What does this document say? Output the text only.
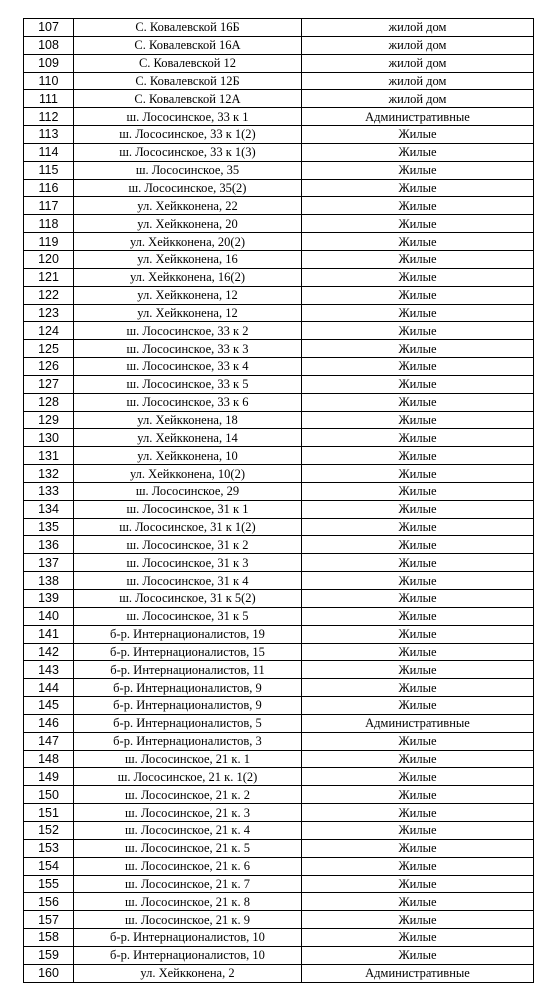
107	С. Ковалевской 16Б	жилой дом
108	С. Ковалевской 16А	жилой дом
109	С. Ковалевской 12	жилой дом
110	С. Ковалевской 12Б	жилой дом
111	С. Ковалевской 12А	жилой дом
112	ш. Лососинское, 33 к 1	Административные
113	ш. Лососинское, 33 к 1(2)	Жилые
114	ш. Лососинское, 33 к 1(3)	Жилые
115	ш. Лососинское, 35	Жилые
116	ш. Лососинское, 35(2)	Жилые
117	ул. Хейкконена, 22	Жилые
118	ул. Хейкконена, 20	Жилые
119	ул. Хейкконена, 20(2)	Жилые
120	ул. Хейкконена, 16	Жилые
121	ул. Хейкконена, 16(2)	Жилые
122	ул. Хейкконена, 12	Жилые
123	ул. Хейкконена, 12	Жилые
124	ш. Лососинское, 33 к 2	Жилые
125	ш. Лососинское, 33 к 3	Жилые
126	ш. Лососинское, 33 к 4	Жилые
127	ш. Лососинское, 33 к 5	Жилые
128	ш. Лососинское, 33 к 6	Жилые
129	ул. Хейкконена, 18	Жилые
130	ул. Хейкконена, 14	Жилые
131	ул. Хейкконена, 10	Жилые
132	ул. Хейкконена, 10(2)	Жилые
133	ш. Лососинское, 29	Жилые
134	ш. Лососинское, 31 к 1	Жилые
135	ш. Лососинское, 31 к 1(2)	Жилые
136	ш. Лососинское, 31 к 2	Жилые
137	ш. Лососинское, 31 к 3	Жилые
138	ш. Лососинское, 31 к 4	Жилые
139	ш. Лососинское, 31 к 5(2)	Жилые
140	ш. Лососинское, 31 к 5	Жилые
141	б-р. Интернационалистов, 19	Жилые
142	б-р. Интернационалистов, 15	Жилые
143	б-р. Интернационалистов, 11	Жилые
144	б-р. Интернационалистов, 9	Жилые
145	б-р. Интернационалистов, 9	Жилые
146	б-р. Интернационалистов, 5	Административные
147	б-р. Интернационалистов, 3	Жилые
148	ш. Лососинское, 21 к. 1	Жилые
149	ш. Лососинское, 21 к. 1(2)	Жилые
150	ш. Лососинское, 21 к. 2	Жилые
151	ш. Лососинское, 21 к. 3	Жилые
152	ш. Лососинское, 21 к. 4	Жилые
153	ш. Лососинское, 21 к. 5	Жилые
154	ш. Лососинское, 21 к. 6	Жилые
155	ш. Лососинское, 21 к. 7	Жилые
156	ш. Лососинское, 21 к. 8	Жилые
157	ш. Лососинское, 21 к. 9	Жилые
158	б-р. Интернационалистов, 10	Жилые
159	б-р. Интернационалистов, 10	Жилые
160	ул. Хейкконена, 2	Административные
